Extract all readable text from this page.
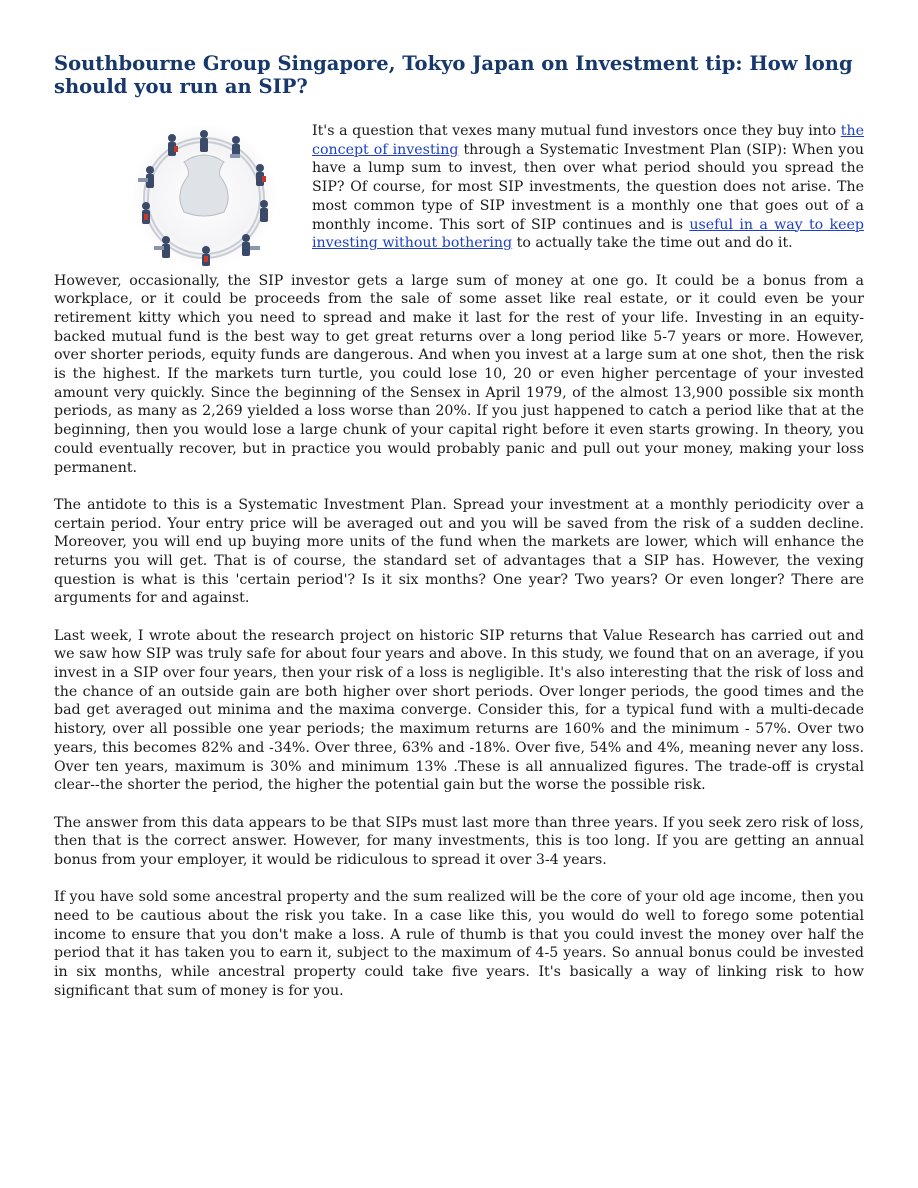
Southbourne Group Singapore, Tokyo Japan on Investment tip: How long should you run an SIP?

It's a question that vexes many mutual fund investors once they buy into the concept of investing through a Systematic Investment Plan (SIP): When you have a lump sum to invest, then over what period should you spread the SIP? Of course, for most SIP investments, the question does not arise. The most common type of SIP investment is a monthly one that goes out of a monthly income. This sort of SIP continues and is useful in a way to keep investing without bothering to actually take the time out and do it.

However, occasionally, the SIP investor gets a large sum of money at one go. It could be a bonus from a workplace, or it could be proceeds from the sale of some asset like real estate, or it could even be your retirement kitty which you need to spread and make it last for the rest of your life. Investing in an equity-backed mutual fund is the best way to get great returns over a long period like 5-7 years or more. However, over shorter periods, equity funds are dangerous. And when you invest at a large sum at one shot, then the risk is the highest. If the markets turn turtle, you could lose 10, 20 or even higher percentage of your invested amount very quickly. Since the beginning of the Sensex in April 1979, of the almost 13,900 possible six month periods, as many as 2,269 yielded a loss worse than 20%. If you just happened to catch a period like that at the beginning, then you would lose a large chunk of your capital right before it even starts growing. In theory, you could eventually recover, but in practice you would probably panic and pull out your money, making your loss permanent.

The antidote to this is a Systematic Investment Plan. Spread your investment at a monthly periodicity over a certain period. Your entry price will be averaged out and you will be saved from the risk of a sudden decline. Moreover, you will end up buying more units of the fund when the markets are lower, which will enhance the returns you will get. That is of course, the standard set of advantages that a SIP has. However, the vexing question is what is this 'certain period'? Is it six months? One year? Two years? Or even longer? There are arguments for and against.

Last week, I wrote about the research project on historic SIP returns that Value Research has carried out and we saw how SIP was truly safe for about four years and above. In this study, we found that on an average, if you invest in a SIP over four years, then your risk of a loss is negligible. It's also interesting that the risk of loss and the chance of an outside gain are both higher over short periods. Over longer periods, the good times and the bad get averaged out minima and the maxima converge. Consider this, for a typical fund with a multi-decade history, over all possible one year periods; the maximum returns are 160% and the minimum - 57%. Over two years, this becomes 82% and -34%. Over three, 63% and -18%. Over five, 54% and 4%, meaning never any loss. Over ten years, maximum is 30% and minimum 13% .These is all annualized figures. The trade-off is crystal clear--the shorter the period, the higher the potential gain but the worse the possible risk.

The answer from this data appears to be that SIPs must last more than three years. If you seek zero risk of loss, then that is the correct answer. However, for many investments, this is too long. If you are getting an annual bonus from your employer, it would be ridiculous to spread it over 3-4 years.

If you have sold some ancestral property and the sum realized will be the core of your old age income, then you need to be cautious about the risk you take. In a case like this, you would do well to forego some potential income to ensure that you don't make a loss. A rule of thumb is that you could invest the money over half the period that it has taken you to earn it, subject to the maximum of 4-5 years. So annual bonus could be invested in six months, while ancestral property could take five years. It's basically a way of linking risk to how significant that sum of money is for you.
